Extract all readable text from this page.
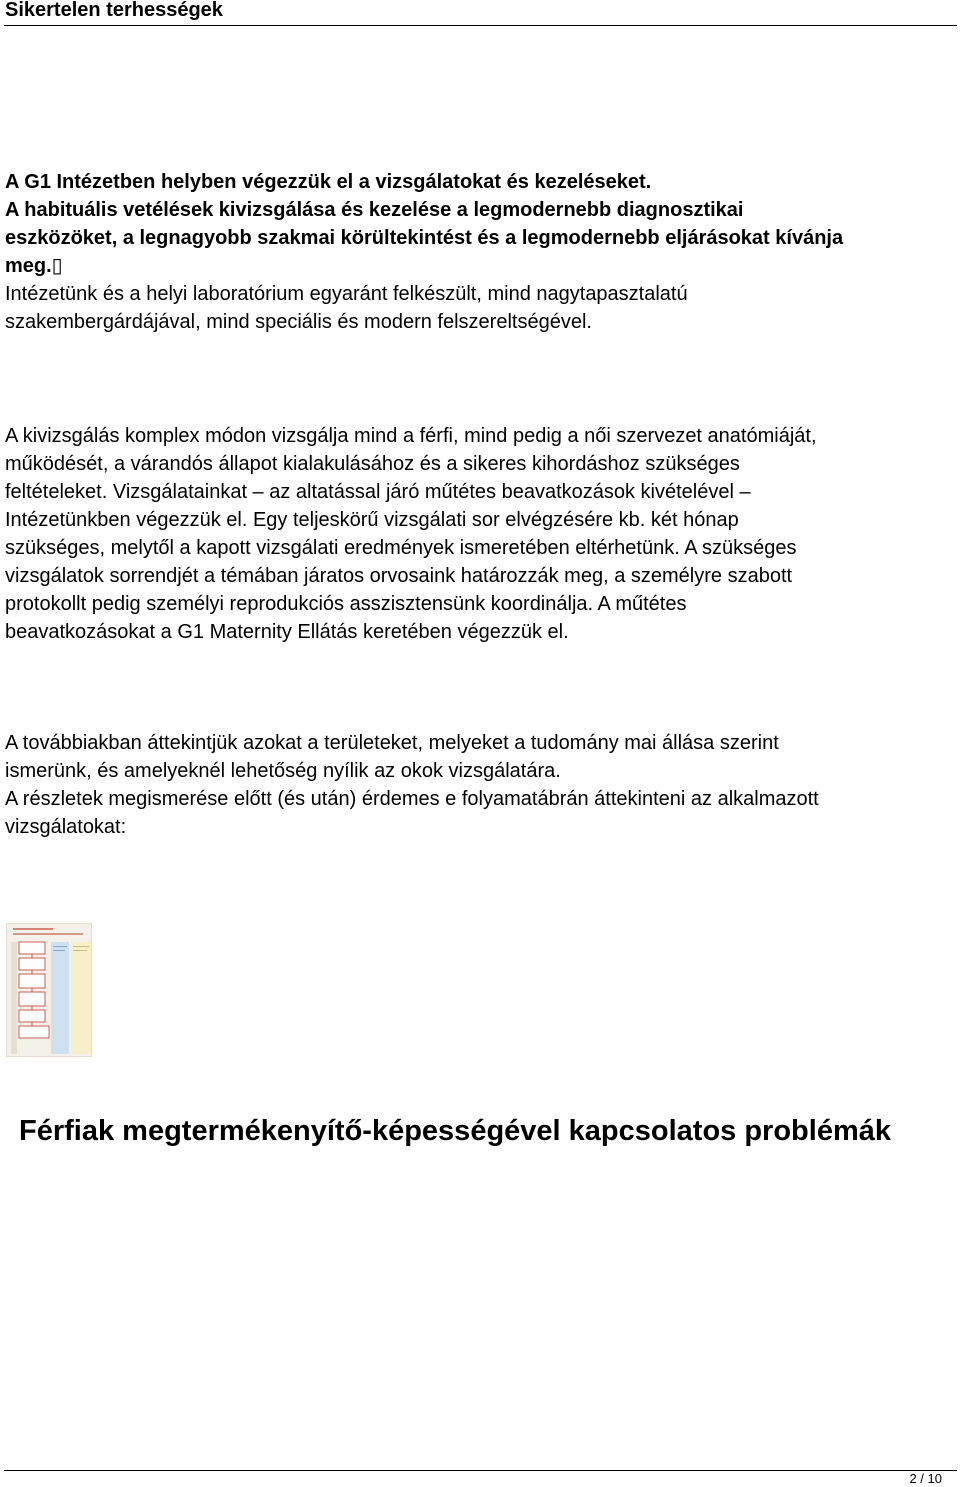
Sikertelen terhességek

A G1 Intézetben helyben végezzük el a vizsgálatokat és kezeléseket.

A habituális vetélések kivizsgálása és kezelése a legmodernebb diagnosztikai

eszközöket, a legnagyobb szakmai körültekintést és a legmodernebb eljárásokat kívánja

meg.▯

Intézetünk és a helyi laboratórium egyaránt felkészült, mind nagytapasztalatú

szakembergárdájával, mind speciális és modern felszereltségével.

A kivizsgálás komplex módon vizsgálja mind a férfi, mind pedig a női szervezet anatómiáját,

működését, a várandós állapot kialakulásához és a sikeres kihordáshoz szükséges

feltételeket. Vizsgálatainkat – az altatással járó műtétes beavatkozások kivételével –

Intézetünkben végezzük el. Egy teljeskörű vizsgálati sor elvégzésére kb. két hónap

szükséges, melytől a kapott vizsgálati eredmények ismeretében eltérhetünk. A szükséges

vizsgálatok sorrendjét a témában járatos orvosaink határozzák meg, a személyre szabott

protokollt pedig személyi reprodukciós asszisztensünk koordinálja. A műtétes

beavatkozásokat a G1 Maternity Ellátás keretében végezzük el.

A továbbiakban áttekintjük azokat a területeket, melyeket a tudomány mai állása szerint

ismerünk, és amelyeknél lehetőség nyílik az okok vizsgálatára.

A részletek megismerése előtt (és után) érdemes e folyamatábrán áttekinteni az alkalmazott

vizsgálatokat:

Férfiak megtermékenyítő-képességével kapcsolatos problémák
2 / 10
